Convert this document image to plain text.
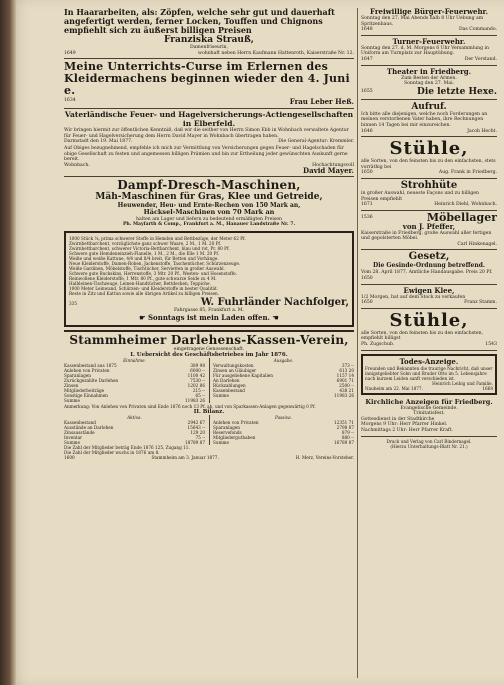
In Haararbeiten, als: Zöpfen, welche sehr gut und dauerhaft angefertigt werden, ferner Locken, Touffen und Chignons empfiehlt sich zu äußerst billigen Preisen
Franziska Strauß,
Damenfriseurin,
1649	wohnhaft neben Herrn Kaufmann Hattenroth, Kaiserstraße Nr. 12.
Meine Unterrichts-Curse im Erlernen des Kleidermachens beginnen wieder den 4. Juni e.
1634	Frau Leber Heß.
Vaterländische Feuer- und Hagelversicherungs-Actiengesellschaften in Elberfeld.
Wir bringen hiermit zur öffentlichen Kenntniß, daß wir die seither von Herrn Simon Ebb in Wohnbach verwaltete Agentur für Feuer- und Hagelversicherung dem Herrn David Mayer in Wohnbach übertragen haben.
Darmstadt den 19. Mai 1877.	Die General-Agentur: Kremmler.
Auf Obiges bezugnehmend, empfehle ich mich zur Vermittlung von Versicherungen gegen Feuer- und Hagelschaden für obige Gesellschaft zu festen und angemessen billigen Prämien und bin zur Ertheilung jeder gewünschten Auskunft gerne bereit.
Wohnbach.	Hochachtungsvoll
David Mayer.
Dampf-Dresch-Maschinen,
Mäh-Maschinen für Gras, Klee und Getreide,
Heuwender, Heu- und Ernte-Rechen von 150 Mark an,
Häcksel-Maschinen von 70 Mark an
halten am Lager und liefern zu bedeutend ermäßigten Preisen
Ph. Mayfarth & Comp., Frankfurt a. M., Hanauer Landstraße Nr. 7.
1000 Stück ¼, prima schwerer Stoffe in Hemden und Bettbezüge, der Meter 62 Pf.
Zwirnbettbarchent, vorzüglichste ganz schwer Waare, 2 M., 1 M. 20 Pf.
Zwirnbettbarchent, schwerer Victoria-Bettbarchent, blau und rot, Pr. 80 Pf.
Schwere gute Hemdeneinzieh-Flanelle, 1 M., 2 M., die Elle 1 M. 20 Pf.
Weiße und weiße Kattune, 4/4 und 8/4 breit, für Betten und Vorhänge.
Neue Kleiderstoffe, Damen-Roben, Jackenstoffe, Taschentücher, Schürzenzeuge.
Weiße Gardinen, Möbelstoffe, Tischtücher, Servietten in großer Auswahl.
Schwere gute Buckskins, Herrenstoffe, 3 Mtr. 20 Pf., Westen- und Hosenstoffe.
Reinwollene Kleiderstoffe, 1 Mtr. 80 Pf., gute schwarze Seide zu 4 M.
Halbleinen-Tischzeuge, Leinen-Handtücher, Bettdecken, Teppiche.
1000 Meter Leinwand, Schürzen- und Kleiderstoffe in bester Qualität.
Reste in Zitz und Kattun sowie alle übrigen Artikel zu billigen Preisen.
335	W. Fuhrländer Nachfolger,
Fahrgasse 85, Frankfurt a. M.
☛ Sonntags ist mein Laden offen. ☚
Stammheimer Darlehens-Kassen-Verein,
eingetragene Genossenschaft.
I. Uebersicht des Geschäftsbetriebes im Jahr 1876.
Einnahme.
Kassenbestand aus 1875	389 98
Anlehen von Privaten	6000 --
Sparanlagen	1100 42
Zurückgezahlte Darlehen	7530 --
Zinsen	1202 86
Mitgliederbeiträge	215 --
Sonstige Einnahmen	65 --
Summe	11983 26
Ausgabe.
Verwaltungskosten	373 --
Zinsen an Gläubiger	613 20
Für ausgeliehene Kapitalien	1157 14
An Darlehen	6901 71
Rückzahlungen	2500 --
Kassenbestand	438 21
Summe	11983 26
Anmerkung: Von Anlehen von Privaten sind Ende 1876 noch 13 Pf. ab, und von Sparkassen-Anlagen gegenwärtig 0 Pf.
II. Bilanz.
Aktiva.
Kassenbestand	2942 67
Ausstände an Darlehen	15643 --
Zinsausstände	129 20
Inventar	75 --
Summe	18789 87
Passiva.
Anlehen von Privaten	12351 71
Sparanlagen	2798 87
Reservefonds	879 --
Mitgliederguthaben	880 --
Summe	16789 87
Die Zahl der Mitglieder beträg Ende 1876 125, Zugang 11.
Die Zahl der Mitglieder wuchs in 1876 um 8.
1600	Stammheim am 3. Januar 1877.	H. Merz, Vereins-Vorsteher.
Freiwillige Bürger-Feuerwehr.
Sonntag den 27. Mai Abends halb 8 Uhr Uebung am Spritzenhaus.
1648	Das Commando.
Turner-Feuerwehr.
Sonntag den 27. d. M. Morgens 6 Uhr Versammlung in Uniform am Turnplatz zur Hauptübung.
1647	Der Vorstand.
Theater in Friedberg.
Zum Besten der Armen.
Sonntag den 27. Mai.
1655	Die letzte Hexe.
Aufruf.
Ich bitte alle diejenigen, welche noch Forderungen an meinen verstorbenen Vater haben, ihre Rechnungen binnen 14 Tagen bei mir einzureichen.
1646	Jacob Hecht.
Stühle,
alle Sorten, von den feinsten bis zu den einfachsten, stets vorräthig bei
1650	Aug. Frank in Friedberg.
Strohhüte
in großer Auswahl, neueste Façons und zu billigen Preisen empfiehlt
1671	Heinrich Diehl, Wohnbach.
1536	Möbellager
von J. Pfeffer,
Kaiserstraße in Friedberg, große Auswahl aller fertigen und gepolsterten Möbel.
Carl Hinkenagel.
Gesetz,
Die Gesinde-Ordnung betreffend.
Vom 28. April 1877. Amtliche Handausgabe. Preis 20 Pf.
1650
Ewigen Klee,
1/2 Morgen, hat auf dem Stock zu verkaufen
1650	Franz Stamm.
Stühle,
alle Sorten, von den feinsten bis zu den einfachsten, empfiehlt billigst
Ph. Zugschub.	1543
Todes-Anzeige.
Freunden und Bekannten die traurige Nachricht, daß unser innigstgeliebter Sohn und Bruder Otto im 5. Lebensjahre nach kurzem Leiden sanft verschieden ist.
Heinrich Leibig und Familie.
Nauheim am 22. Mai 1877.	1668
Kirchliche Anzeigen für Friedberg.
Evangelische Gemeinde.
Trinitatisfest.
Gottesdienst in der Stadtkirche
Morgens 9 Uhr: Herr Pfarrer Hinkel.
Nachmittags 2 Uhr: Herr Pfarrer Kraft.
Druck und Verlag von Carl Bindernagel.
(Hierzu Unterhaltungs-Blatt Nr. 21.)
